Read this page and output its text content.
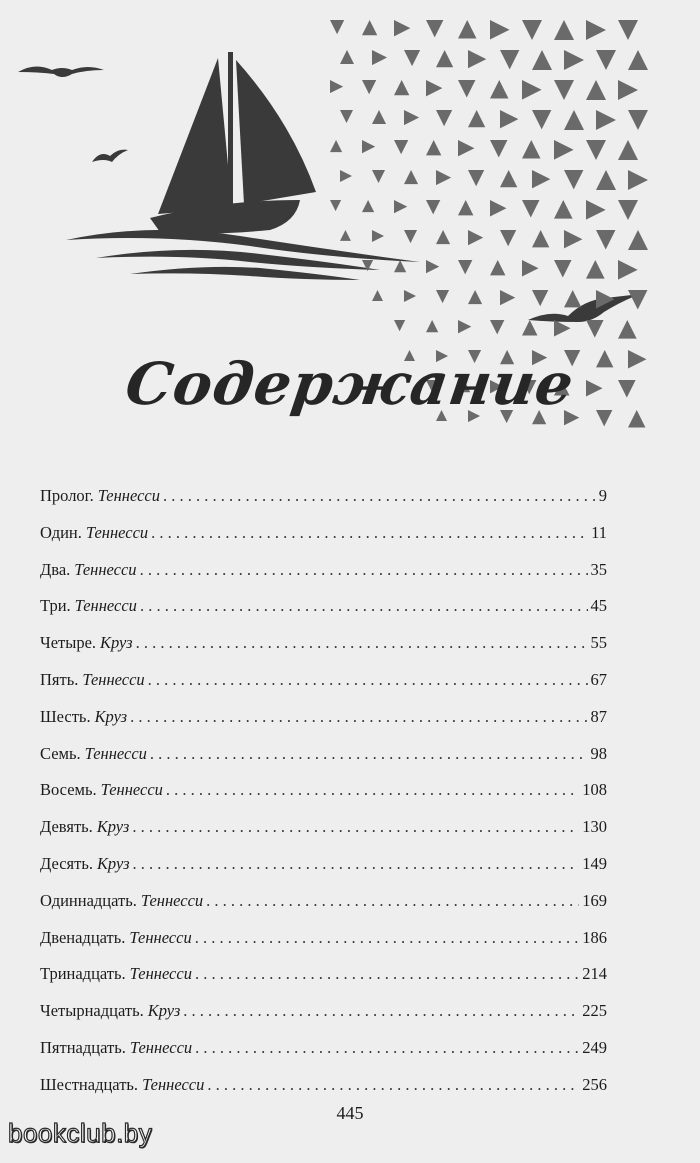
Содержание
Пролог. Теннесси . . .	9
Один. Теннесси . . .	11
Два. Теннесси . . .	35
Три. Теннесси . . .	45
Четыре. Круз . . .	55
Пять. Теннесси . . .	67
Шесть. Круз . . .	87
Семь. Теннесси . . .	98
Восемь. Теннесси . . .	108
Девять. Круз . . .	130
Десять. Круз . . .	149
Одиннадцать. Теннесси . . .	169
Двенадцать. Теннесси . . .	186
Тринадцать. Теннесси . . .	214
Четырнадцать. Круз . . .	225
Пятнадцать. Теннесси . . .	249
Шестнадцать. Теннесси . . .	256
445
bookclub.by
